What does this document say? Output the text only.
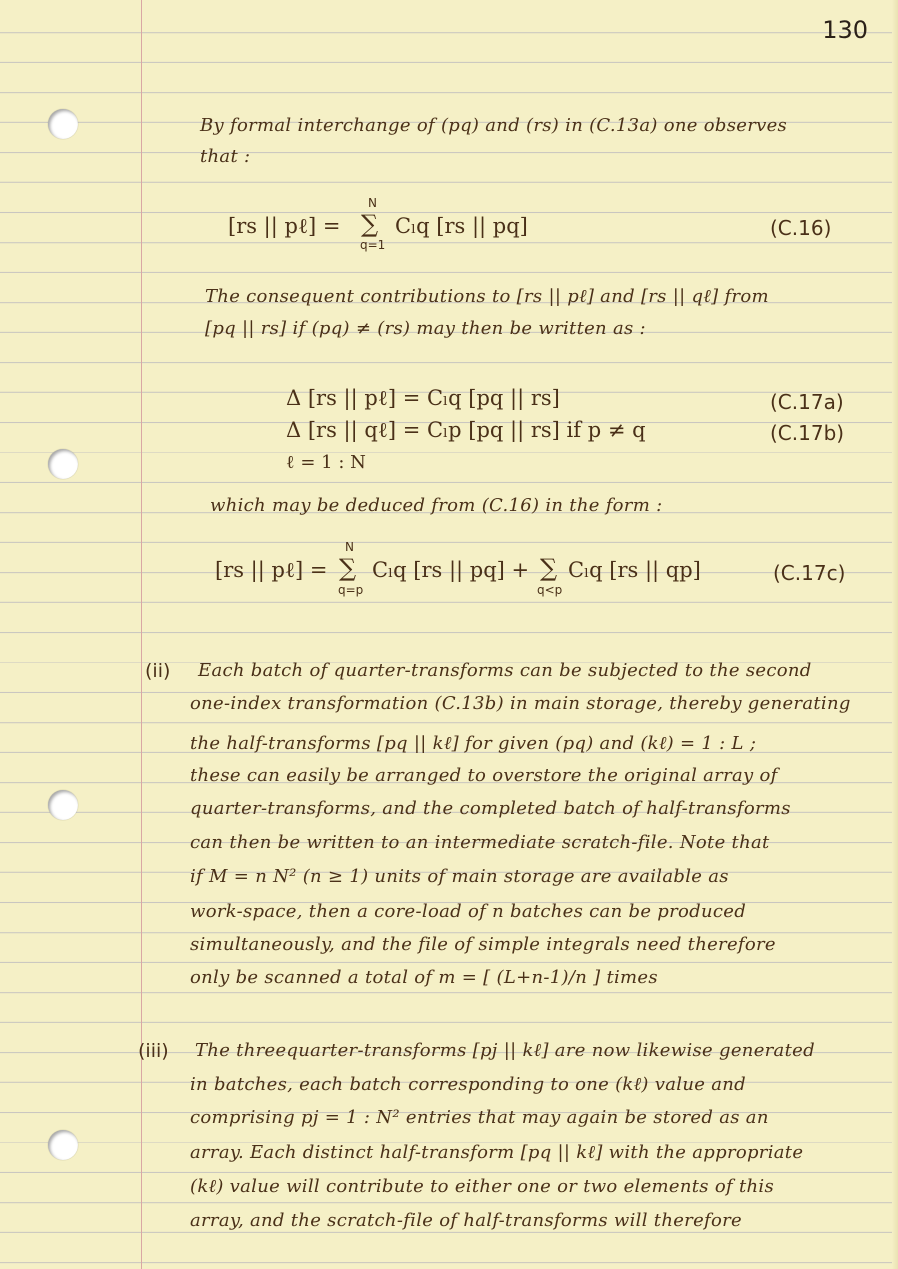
130
By formal interchange of (pq) and (rs) in (C.13a) one observes
that :
[rs || pℓ] =
N
∑
q=1
Cₗq [rs || pq]	(C.16)
The consequent contributions to [rs || pℓ] and [rs || qℓ] from
[pq || rs] if (pq) ≠ (rs) may then be written as :
Δ [rs || pℓ] = Cₗq [pq || rs]	(C.17a)
Δ [rs || qℓ] = Cₗp [pq || rs] if p ≠ q	(C.17b)
ℓ = 1 : N
which may be deduced from (C.16) in the form :
[rs || pℓ] =
N
∑
q=p
Cₗq [rs || pq] + ∑
q<p
Cₗq [rs || qp]	(C.17c)
(ii) Each batch of quarter-transforms can be subjected to the second
one-index transformation (C.13b) in main storage, thereby generating
the half-transforms [pq || kℓ] for given (pq) and (kℓ) = 1 : L ;
these can easily be arranged to overstore the original array of
quarter-transforms, and the completed batch of half-transforms
can then be written to an intermediate scratch-file. Note that
if M = n N² (n ≥ 1) units of main storage are available as
work-space, then a core-load of n batches can be produced
simultaneously, and the file of simple integrals need therefore
only be scanned a total of m = [ (L+n-1)/n ] times
(iii) The threequarter-transforms [pj || kℓ] are now likewise generated
in batches, each batch corresponding to one (kℓ) value and
comprising pj = 1 : N² entries that may again be stored as an
array. Each distinct half-transform [pq || kℓ] with the appropriate
(kℓ) value will contribute to either one or two elements of this
array, and the scratch-file of half-transforms will therefore
